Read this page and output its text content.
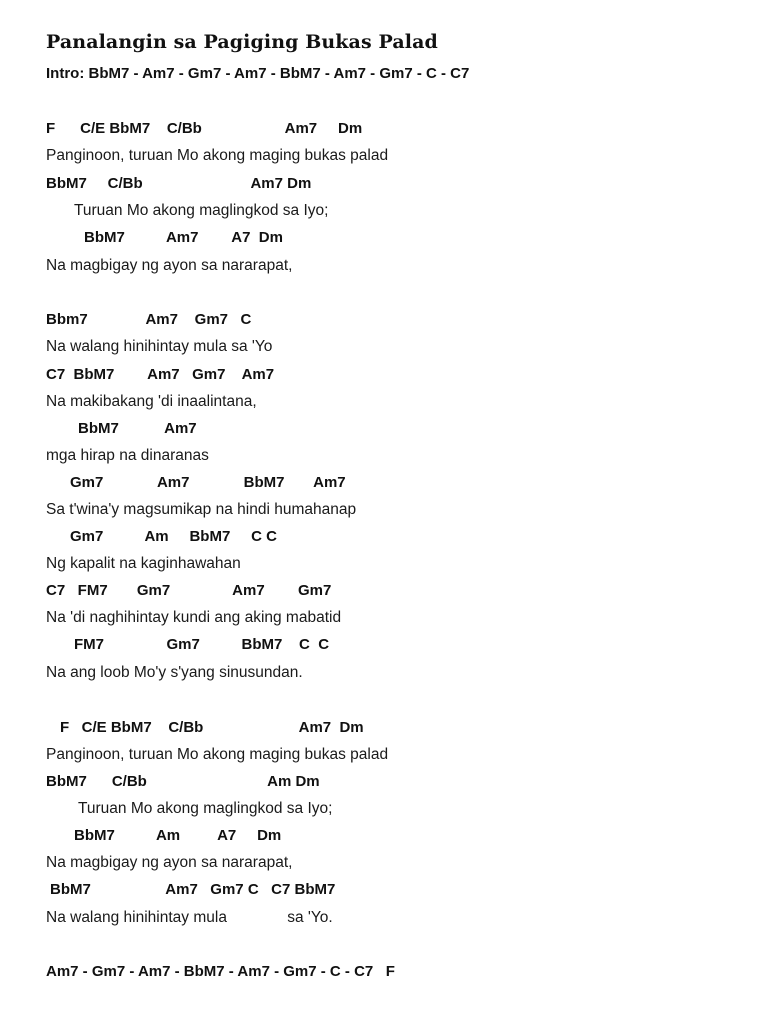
Panalangin sa Pagiging Bukas Palad
Intro: BbM7 - Am7 - Gm7 - Am7 - BbM7 - Am7 - Gm7 - C - C7
F      C/E BbM7    C/Bb                    Am7     Dm
Panginoon, turuan Mo akong maging bukas palad
BbM7     C/Bb                          Am7 Dm
Turuan Mo akong maglingkod sa Iyo;
BbM7          Am7        A7  Dm
Na magbigay ng ayon sa nararapat,
Bbm7              Am7    Gm7   C
Na walang hinihintay mula sa 'Yo
C7  BbM7        Am7   Gm7    Am7
Na makibakang 'di inaalintana,
BbM7           Am7
mga hirap na dinaranas
Gm7             Am7             BbM7       Am7
Sa t'wina'y magsumikap na hindi humahanap
Gm7          Am     BbM7     C C
Ng kapalit na kaginhawahan
C7   FM7       Gm7               Am7        Gm7
Na 'di naghihintay kundi ang aking mabatid
FM7               Gm7          BbM7    C  C
Na ang loob Mo'y s'yang sinusundan.
F   C/E BbM7    C/Bb                       Am7  Dm
Panginoon, turuan Mo akong maging bukas palad
BbM7      C/Bb                             Am Dm
Turuan Mo akong maglingkod sa Iyo;
BbM7          Am         A7     Dm
Na magbigay ng ayon sa nararapat,
BbM7                  Am7   Gm7 C   C7 BbM7
Na walang hinihintay mula              sa 'Yo.
Am7 - Gm7 - Am7 - BbM7 - Am7 - Gm7 - C - C7   F
